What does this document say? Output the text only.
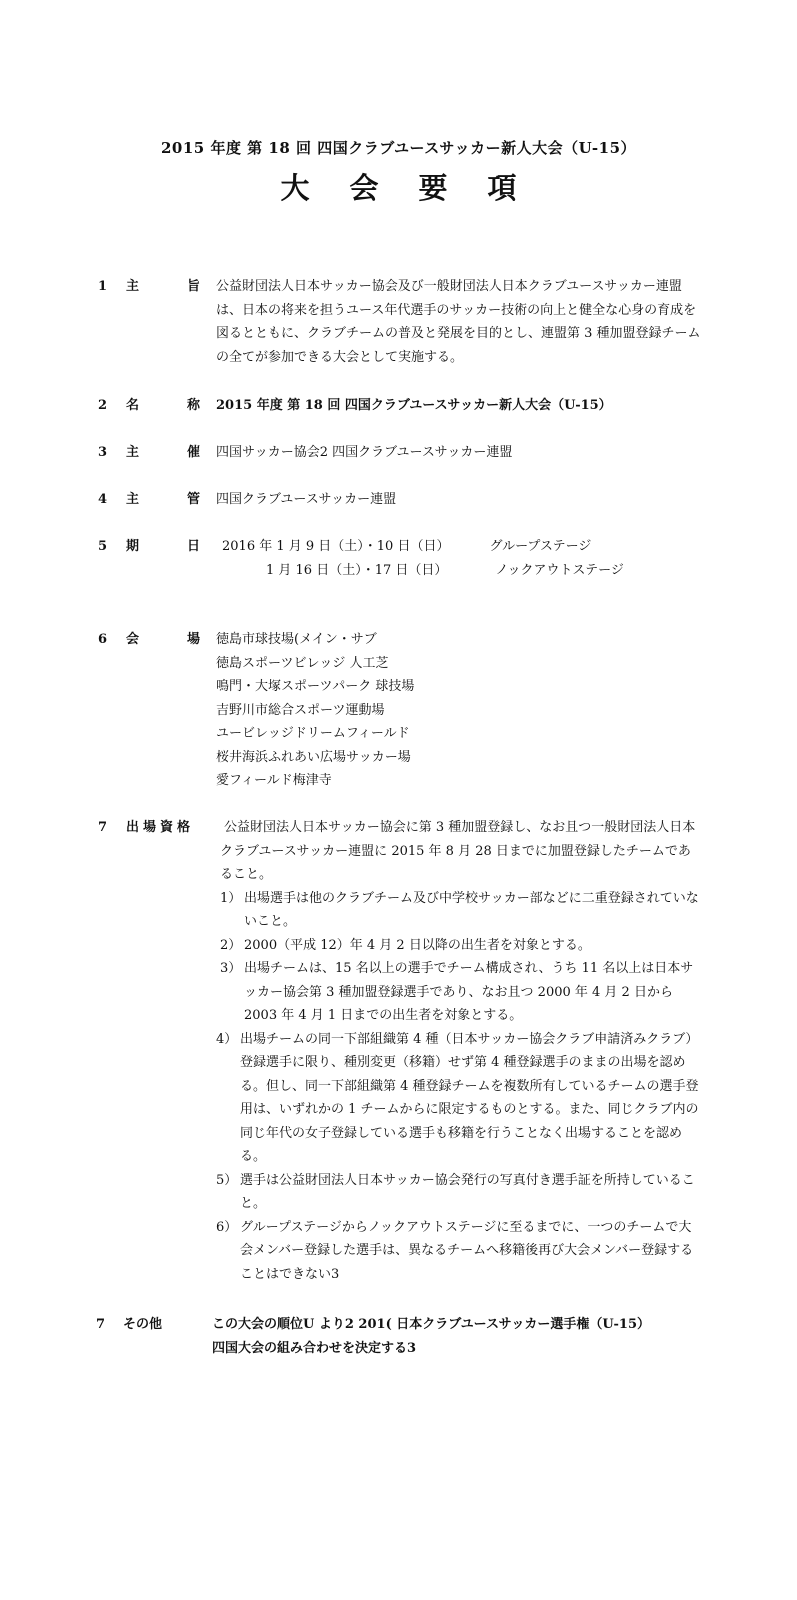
2015 年度 第 18 回 四国クラブユースサッカー新人大会（U-15）
大会要項
1 主	旨 公益財団法人日本サッカー協会及び一般財団法人日本クラブユースサッカー連盟は、日本の将来を担うユース年代選手のサッカー技術の向上と健全な心身の育成を図るとともに、クラブチームの普及と発展を目的とし、連盟第 3 種加盟登録チームの全てが参加できる大会として実施する。
2 名	称 2015 年度 第 18 回 四国クラブユースサッカー新人大会（U-15）
3 主	催 四国サッカー協会2 四国クラブユースサッカー連盟
4 主	管 四国クラブユースサッカー連盟
5 期	日 2016 年 1 月 9 日（土）・10 日（日）	グループステージ
1 月 16 日（土）・17 日（日）	ノックアウトステージ
6 会	場 徳島市球技場(メイン・サブ
徳島スポーツビレッジ 人工芝
鳴門・大塚スポーツパーク 球技場
吉野川市総合スポーツ運動場
ユービレッジドリームフィールド
桜井海浜ふれあい広場サッカー場
愛フィールド梅津寺
7 出場資格	公益財団法人日本サッカー協会に第 3 種加盟登録し、なお且つ一般財団法人日本クラブユースサッカー連盟に 2015 年 8 月 28 日までに加盟登録したチームであること。
1） 出場選手は他のクラブチーム及び中学校サッカー部などに二重登録されていないこと。
2） 2000（平成 12）年 4 月 2 日以降の出生者を対象とする。
3） 出場チームは、15 名以上の選手でチーム構成され、うち 11 名以上は日本サッカー協会第 3 種加盟登録選手であり、なお且つ 2000 年 4 月 2 日から 2003 年 4 月 1 日までの出生者を対象とする。
4） 出場チームの同一下部組織第 4 種（日本サッカー協会クラブ申請済みクラブ）登録選手に限り、種別変更（移籍）せず第 4 種登録選手のままの出場を認める。但し、同一下部組織第 4 種登録チームを複数所有しているチームの選手登用は、いずれかの 1 チームからに限定するものとする。また、同じクラブ内の同じ年代の女子登録している選手も移籍を行うことなく出場することを認める。
5） 選手は公益財団法人日本サッカー協会発行の写真付き選手証を所持していること。
6） グループステージからノックアウトステージに至るまでに、一つのチームで大会メンバー登録した選手は、異なるチームへ移籍後再び大会メンバー登録することはできない3
7 その他	この大会の順位U より2 201( 日本クラブユースサッカー選手権（U-15）
四国大会の組み合わせを決定する3
